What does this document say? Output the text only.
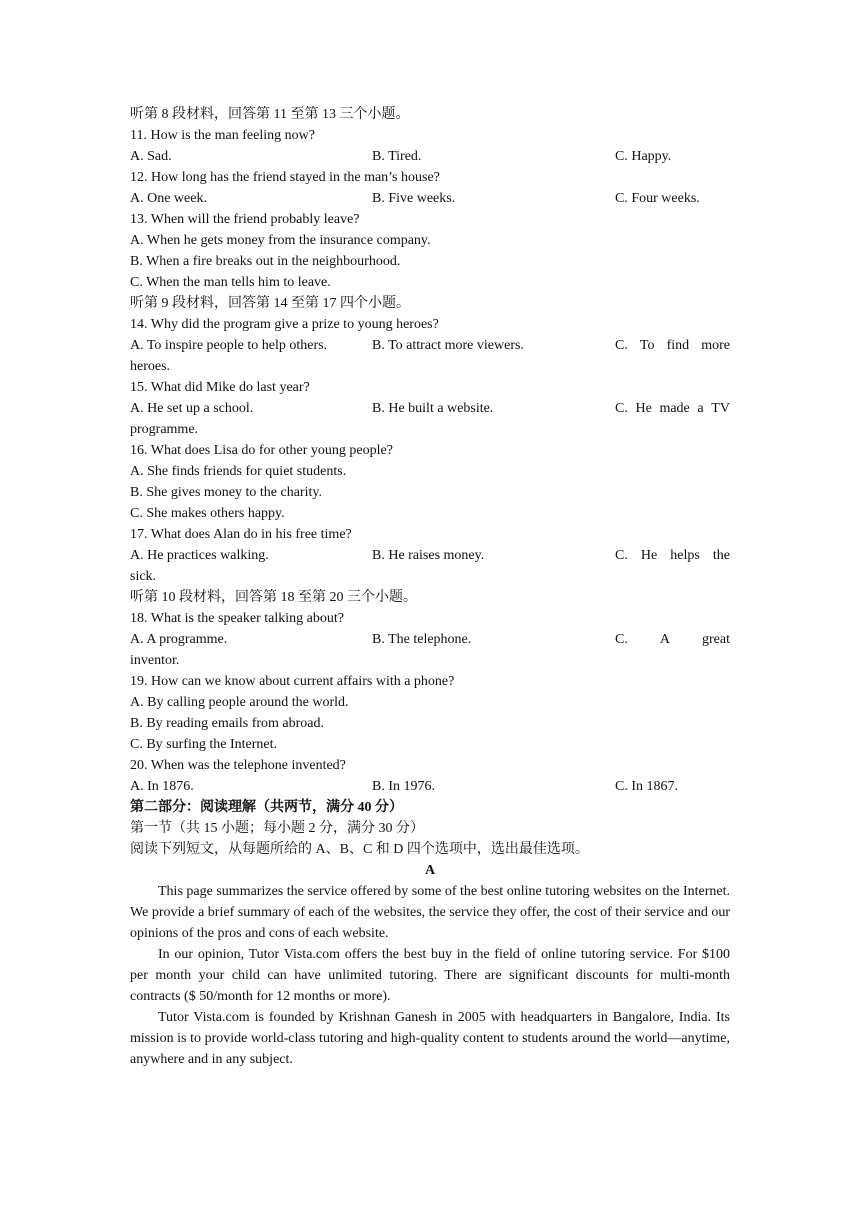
听第 8 段材料，回答第 11 至第 13 三个小题。
11. How is the man feeling now?
A. Sad.	B. Tired.	C. Happy.
12. How long has the friend stayed in the man’s house?
A. One week.	B. Five weeks.	C. Four weeks.
13. When will the friend probably leave?
A. When he gets money from the insurance company.
B. When a fire breaks out in the neighbourhood.
C. When the man tells him to leave.
听第 9 段材料，回答第 14 至第 17 四个小题。
14. Why did the program give a prize to young heroes?
A. To inspire people to help others.	B. To attract more viewers.	C. To find more
heroes.
15. What did Mike do last year?
A. He set up a school.	B. He built a website.	C. He made a TV
programme.
16. What does Lisa do for other young people?
A. She finds friends for quiet students.
B. She gives money to the charity.
C. She makes others happy.
17. What does Alan do in his free time?
A. He practices walking.	B. He raises money.	C. He helps the
sick.
听第 10 段材料，回答第 18 至第 20 三个小题。
18. What is the speaker talking about?
A. A programme.	B. The telephone.	C. A great
inventor.
19. How can we know about current affairs with a phone?
A. By calling people around the world.
B. By reading emails from abroad.
C. By surfing the Internet.
20. When was the telephone invented?
A. In 1876.	B. In 1976.	C. In 1867.
第二部分：阅读理解（共两节，满分 40 分）
第一节（共 15 小题；每小题 2 分，满分 30 分）
阅读下列短文，从每题所给的 A、B、C 和 D 四个选项中，选出最佳选项。
A
This page summarizes the service offered by some of the best online tutoring websites on the Internet. We provide a brief summary of each of the websites, the service they offer, the cost of their service and our opinions of the pros and cons of each website.
In our opinion, Tutor Vista.com offers the best buy in the field of online tutoring service. For $100 per month your child can have unlimited tutoring. There are significant discounts for multi-month contracts ($ 50/month for 12 months or more).
Tutor Vista.com is founded by Krishnan Ganesh in 2005 with headquarters in Bangalore, India. Its mission is to provide world-class tutoring and high-quality content to students around the world—anytime, anywhere and in any subject.
